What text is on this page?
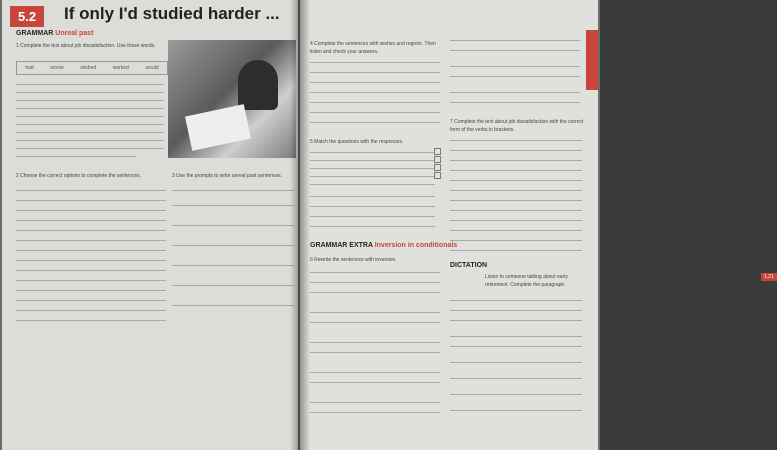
5.2	If only I'd studied harder ...
GRAMMAR Unreal past
1 Complete the text about job dissatisfaction. Use these words.
had	worse	wished	worked	would
2 Choose the correct options to complete the sentences.	3 Use the prompts to write unreal past sentences.
4 Complete the sentences with wishes and regrets. Then listen and check your answers.
5 Match the questions with the responses.
GRAMMAR EXTRA Inversion in conditionals
6 Rewrite the sentences with inversion.
7 Complete the text about job dissatisfaction with the correct form of the verbs in brackets.
DICTATION
1.21
Listen to someone talking about early retirement. Complete the paragraph.
